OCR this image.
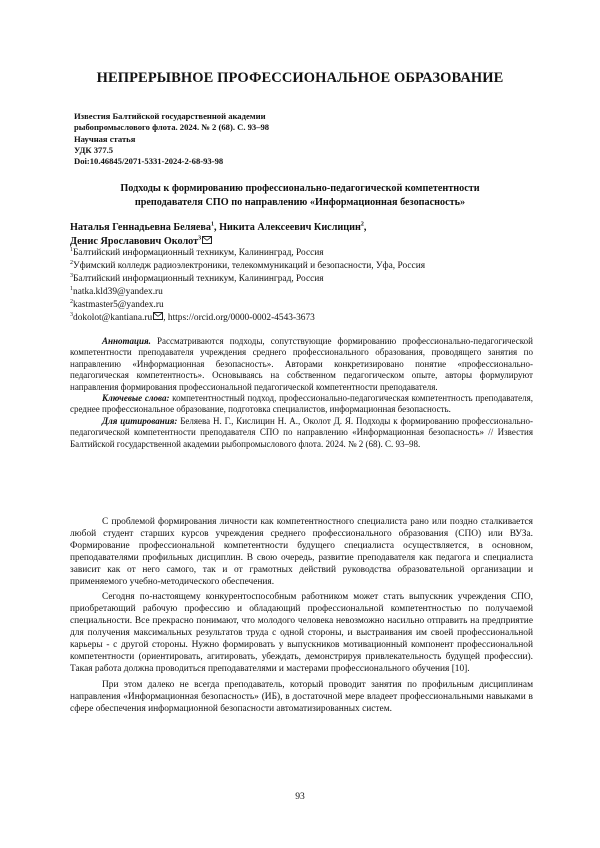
НЕПРЕРЫВНОЕ ПРОФЕССИОНАЛЬНОЕ ОБРАЗОВАНИЕ
Известия Балтийской государственной академии
рыбопромыслового флота. 2024. № 2 (68). С. 93–98
Научная статья
УДК 377.5
Doi:10.46845/2071-5331-2024-2-68-93-98
Подходы к формированию профессионально-педагогической компетентности
преподавателя СПО по направлению «Информационная безопасность»
Наталья Геннадьевна Беляева$^1$, Никита Алексеевич Кислицин$^2$,
Денис Ярославович Околот$^3$
$^1$Балтийский информационный техникум, Калининград, Россия
$^2$Уфимский колледж радиоэлектроники, телекоммуникаций и безопасности, Уфа, Россия
$^3$Балтийский информационный техникум, Калининград, Россия
$^1$natka.kld39@yandex.ru
$^2$kastmaster5@yandex.ru
$^3$dokolot@kantiana.ru , https://orcid.org/0000-0002-4543-3673

Аннотация. Рассматриваются подходы, сопутствующие формированию профессионально-педагогической компетентности преподавателя учреждения среднего профессионального образования, проводящего занятия по направлению «Информационная безопасность». Авторами конкретизировано понятие «профессионально-педагогическая компетентность». Основываясь на собственном педагогическом опыте, авторы формулируют направления формирования профессиональной педагогической компетентности преподавателя.

Ключевые слова: компетентностный подход, профессионально-педагогическая компетентность преподавателя, среднее профессиональное образование, подготовка специалистов, информационная безопасность.

Для цитирования: Беляева Н. Г., Кислицин Н. А., Околот Д. Я. Подходы к формированию профессионально-педагогической компетентности преподавателя СПО по направлению «Информационная безопасность» // Известия Балтийской государственной академии рыбопромыслового флота. 2024. № 2 (68). С. 93–98.

С проблемой формирования личности как компетентностного специалиста рано или поздно сталкивается любой студент старших курсов учреждения среднего профессионального образования (СПО) или ВУЗа. Формирование профессиональной компетентности будущего специалиста осуществляется, в основном, преподавателями профильных дисциплин. В свою очередь, развитие преподавателя как педагога и специалиста зависит как от него самого, так и от грамотных действий руководства образовательной организации и применяемого учебно-методического обеспечения.

Сегодня по-настоящему конкурентоспособным работником может стать выпускник учреждения СПО, приобретающий рабочую профессию и обладающий профессиональной компетентностью по получаемой специальности. Все прекрасно понимают, что молодого человека невозможно насильно отправить на предприятие для получения максимальных результатов труда с одной стороны, и выстраивания им своей профессиональной карьеры - с другой стороны. Нужно формировать у выпускников мотивационный компонент профессиональной компетентности (ориентировать, агитировать, убеждать, демонстрируя привлекательность будущей профессии). Такая работа должна проводиться преподавателями и мастерами профессионального обучения [10].

При этом далеко не всегда преподаватель, который проводит занятия по профильным дисциплинам направления «Информационная безопасность» (ИБ), в достаточной мере владеет профессиональными навыками в сфере обеспечения информационной безопасности автоматизированных систем.

93
